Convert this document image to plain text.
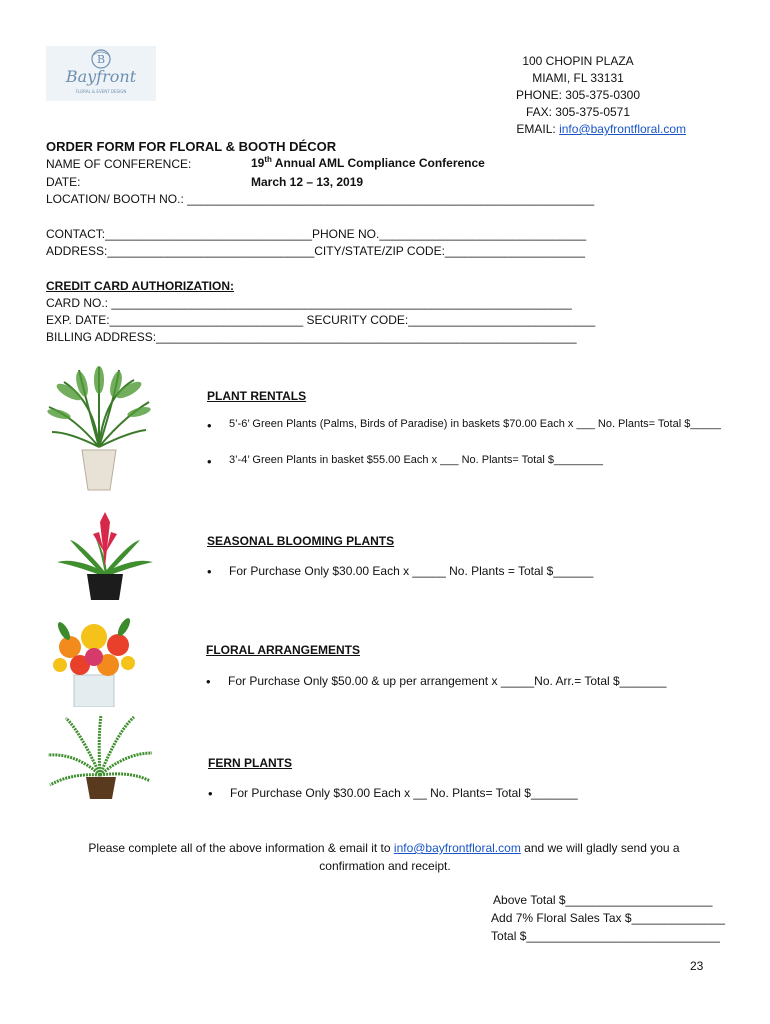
B
Bayfront
FLORAL & EVENT DESIGN
100 CHOPIN PLAZA
MIAMI, FL 33131
PHONE: 305-375-0300
FAX: 305-375-0571
EMAIL: info@bayfrontfloral.com
ORDER FORM FOR FLORAL & BOOTH DÉCOR
NAME OF CONFERENCE:	19th Annual AML Compliance Conference
DATE:	March 12 – 13, 2019
LOCATION/ BOOTH NO.: _____________________________________________________________
CONTACT:_______________________________PHONE NO._______________________________
ADDRESS:_______________________________CITY/STATE/ZIP CODE:_____________________
CREDIT CARD AUTHORIZATION:
CARD NO.: _____________________________________________________________________
EXP. DATE:_____________________________ SECURITY CODE:____________________________
BILLING ADDRESS:_______________________________________________________________
PLANT RENTALS
• 5’-6’ Green Plants (Palms, Birds of Paradise) in baskets $70.00 Each x ___ No. Plants= Total $_____
• 3’-4’ Green Plants in basket $55.00 Each x ___ No. Plants= Total $________
SEASONAL BLOOMING PLANTS
• For Purchase Only $30.00 Each x _____ No. Plants = Total $______
FLORAL ARRANGEMENTS
• For Purchase Only $50.00 & up per arrangement x _____No. Arr.= Total $_______
FERN PLANTS
• For Purchase Only $30.00 Each x __ No. Plants= Total $_______
Please complete all of the above information & email it to info@bayfrontfloral.com and we will gladly send you a
confirmation and receipt.
Above Total $______________________
Add 7% Floral Sales Tax $______________
Total $_____________________________
23
